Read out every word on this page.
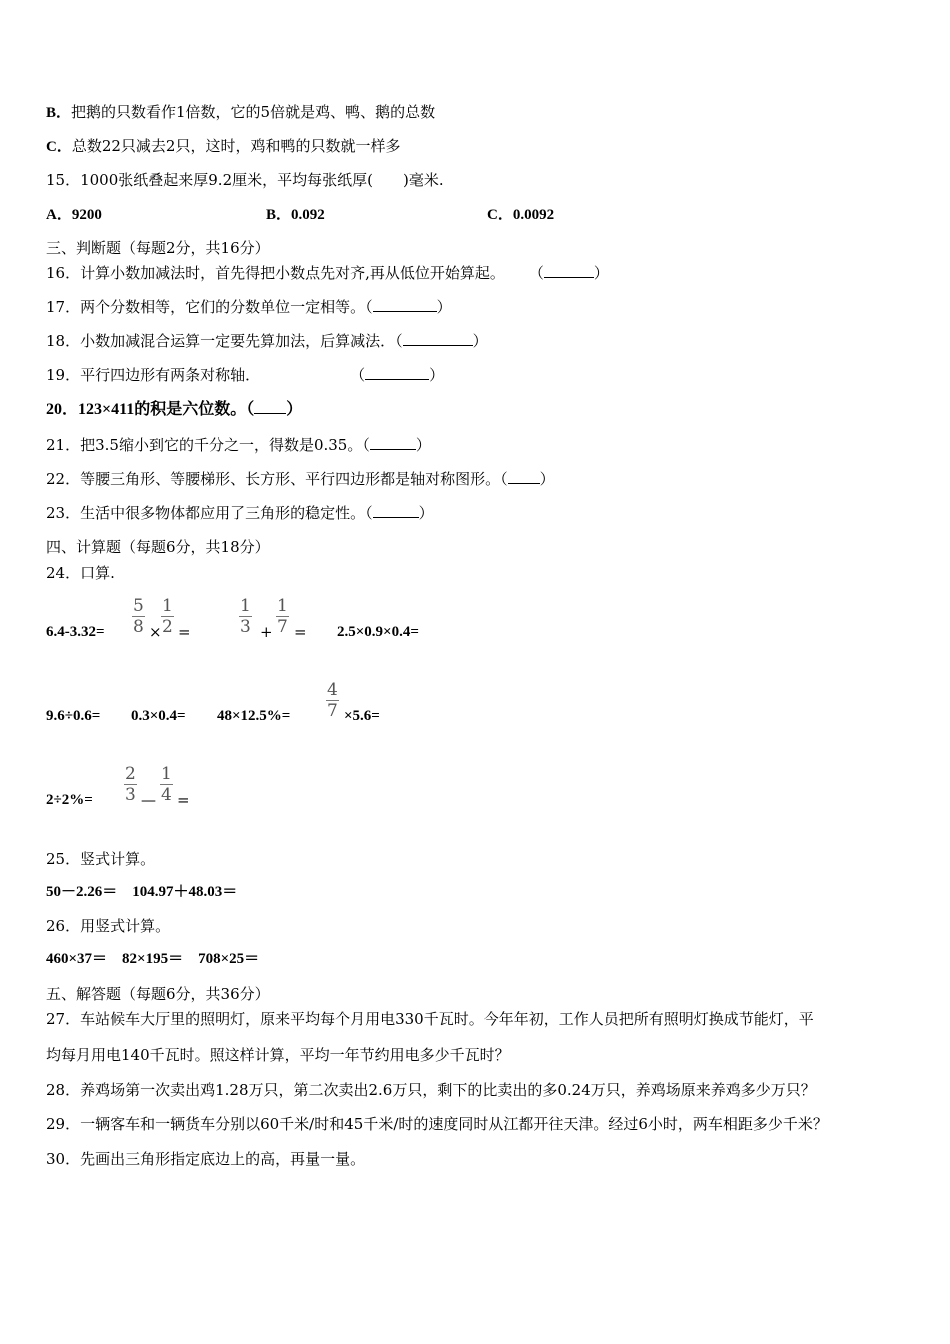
B．把鹅的只数看作1倍数，它的5倍就是鸡、鸭、鹅的总数
C．总数22只减去2只，这时，鸡和鸭的只数就一样多
15．1000张纸叠起来厚9.2厘米，平均每张纸厚(　　)毫米.
A．9200	B．0.092	C．0.0092
三、判断题（每题2分，共16分）
16．计算小数加减法时，首先得把小数点先对齐,再从低位开始算起。 （	）
17．两个分数相等，它们的分数单位一定相等。（	）
18．小数加减混合运算一定要先算加法，后算减法．（	）
19．平行四边形有两条对称轴．	（	）
20．123×411的积是六位数。（ ）
21．把3.5缩小到它的千分之一，得数是0.35。（	）
22．等腰三角形、等腰梯形、长方形、平行四边形都是轴对称图形。（ ）
23．生活中很多物体都应用了三角形的稳定性。（	）
四、计算题（每题6分，共18分）
24．口算.
$6.4-3.32= \frac{5}{8} \times \frac{1}{2}$ =	$\frac{1}{3} + \frac{1}{7} = 2.5\times 0.9\times 0.4=$
$9.6\div 0.6= 0.3\times 0.4= 48\times 12.5\%= \frac{4}{7} \times 5.6=$
$2\div 2\%= \frac{2}{3}$ — $\frac{1}{4}$ =
25．竖式计算。
50－2.26＝　104.97＋48.03＝
26．用竖式计算。
460×37＝　82×195＝　708×25＝
五、解答题（每题6分，共36分）
27．车站候车大厅里的照明灯，原来平均每个月用电330千瓦时。今年年初，工作人员把所有照明灯换成节能灯，平
均每月用电140千瓦时。照这样计算，平均一年节约用电多少千瓦时？
28．养鸡场第一次卖出鸡1.28万只，第二次卖出2.6万只，剩下的比卖出的多0.24万只，养鸡场原来养鸡多少万只？
29．一辆客车和一辆货车分别以60千米/时和45千米/时的速度同时从江都开往天津。经过6小时，两车相距多少千米？
30．先画出三角形指定底边上的高，再量一量。
